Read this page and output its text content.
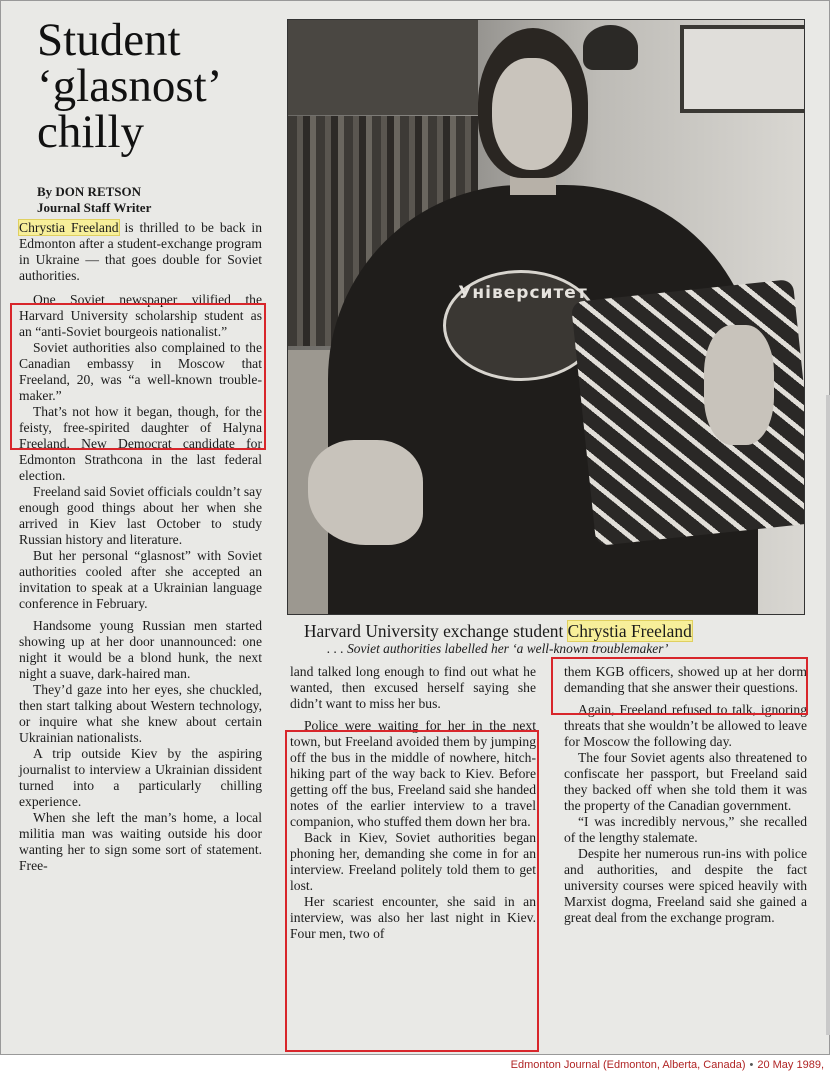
Student ‘glasnost’ chilly
By DON RETSON
Journal Staff Writer

Chrystia Freeland is thrilled to be back in Edmonton after a student-exchange program in Ukraine — that goes double for Soviet authorities.

One Soviet newspaper vilified the Harvard University scholarship student as an “anti-Soviet bourgeois nationalist.”

Soviet authorities also complained to the Canadian embassy in Moscow that Freeland, 20, was “a well-known trouble-maker.”

That’s not how it began, though, for the feisty, free-spirited daughter of Halyna Freeland, New Democrat candidate for Edmonton Strathcona in the last federal election.

Freeland said Soviet officials couldn’t say enough good things about her when she arrived in Kiev last October to study Russian history and literature.

But her personal “glasnost” with Soviet authorities cooled after she accepted an invitation to speak at a Ukrainian language conference in February.

Handsome young Russian men started showing up at her door unannounced: one night it would be a blond hunk, the next night a suave, dark-haired man.

They’d gaze into her eyes, she chuckled, then start talking about Western technology, or inquire what she knew about certain Ukrainian nationalists.

A trip outside Kiev by the aspiring journalist to interview a Ukrainian dissident turned into a particularly chilling experience.

When she left the man’s home, a local militia man was waiting outside his door wanting her to sign some sort of statement. Free-

Університет
Harvard University exchange student Chrystia Freeland
. . . Soviet authorities labelled her ‘a well-known troublemaker’

land talked long enough to find out what he wanted, then excused herself saying she didn’t want to miss her bus.

Police were waiting for her in the next town, but Freeland avoided them by jumping off the bus in the middle of nowhere, hitch-hiking part of the way back to Kiev. Before getting off the bus, Freeland said she handed notes of the earlier interview to a travel companion, who stuffed them down her bra.

Back in Kiev, Soviet authorities began phoning her, demanding she come in for an interview. Freeland politely told them to get lost.

Her scariest encounter, she said in an interview, was also her last night in Kiev. Four men, two of

them KGB officers, showed up at her dorm demanding that she answer their questions.

Again, Freeland refused to talk, ignoring threats that she wouldn’t be allowed to leave for Moscow the following day.

The four Soviet agents also threatened to confiscate her passport, but Freeland said they backed off when she told them it was the property of the Canadian government.

“I was incredibly nervous,” she recalled of the lengthy stalemate.

Despite her numerous run-ins with police and authorities, and despite the fact university courses were spiced heavily with Marxist dogma, Freeland said she gained a great deal from the exchange program.

Edmonton Journal (Edmonton, Alberta, Canada) • 20 May 1989,
